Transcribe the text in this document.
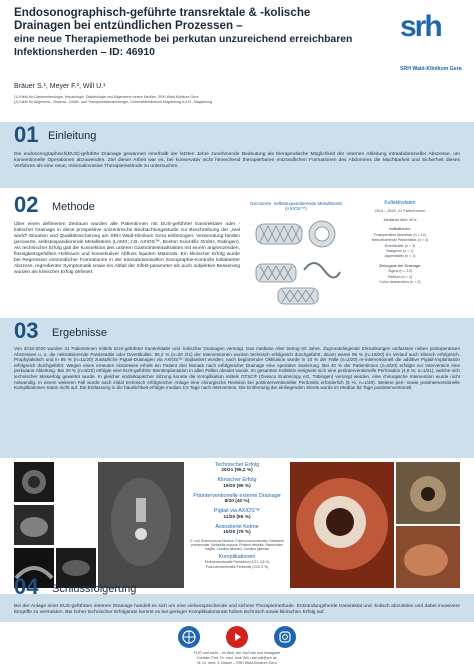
Endosonographisch-geführte transrektale & -kolische
Drainagen bei entzündlichen Prozessen –
eine neue Therapiemethode bei perkutan unzureichend erreichbaren
Infektionsherden – ID: 46910
Bräuer S.¹, Meyer F.², Will U.¹
(1) Klinik für Gastroenterologie, Hepatologie, Diabetologie und Allgemeine Innere Medizin, SRH Wald-Klinikum Gera
(2) Klinik für Allgemein-, Viszeral-, Gefäß- und Transplantationschirurgie, Universitätsklinikum Magdeburg A.ö.R., Magdeburg
srh
SRH Wald-Klinikum Gera
01 Einleitung
Die endosonographisch(EUS)-geführte Drainage gewannen innerhalb der letzten Jahre zunehmende Bedeutung als therapeutische Möglichkeit der internen Ableitung intraabdomineller Abszesse, um konventionelle Operationen abzuwenden. Ziel dieser Arbeit war es, bei konservativ nicht hinreichend therapierbaren entzündlichen Formationen des Abdomens die Machbarkeit und Sicherheit dieses Verfahren als eine neue, minimalinvasive Therapiemethode zu untersuchen.
02 Methode
Über einen definierten Zeitraum wurden alle Patientinnen mit EUS-geführter transrektaler oder -kolischer Drainage in diese prospektive unizentrische Beobachtungsstudie zur Beschreibung der „real world“-Situation und Qualitätssicherung am SRH Wald-Klinikum Gera einbezogen. Verwendung fanden gecoverte, selbstexpandierende Metallstents (LAMS; z.B. AXIOS™, Boston Scientific GmbH, Ratingen). Als technischer Erfolg galt die Konnektion des unteren Gastrointestinaltraktes mit einem angrenzenden, flüssigkeitsgefüllten Hohlraum und konsekutiver Abfluss liquiden Materials. Ein klinischer Erfolg wurde bei Regression entzündlicher Formationen in der transabdominellen Sonographie-Kontrolle kollabierter Abszess, regredienter Symptomatik sowie ein Abfall der Infekt-parameter als auch subjektive Besserung wurden als klinischer Erfolg definiert.
Gecoverte, selbstexpandierende Metallstents (AXIOS™)
Kollektivdaten
2014 – 2020: 21 Patient:innen
Medianes Alter: 60 a
Indikationen:
Postoperative Abszesse (n = 12)
Nekrotisierende Pankreatitis (n = 4)
Divertikulitis (n = 3)
Malignom (n = 1)
Appendizitis (n = 1)
Zielorgane der Drainage:
Sigma (n = 13)
Rektum (n = 3)
Colon descendens (n = 3)
03 Ergebnisse
Von 2016-2020 wurden 21 Patientinnen mittels EUS-geführter transrektaler und -kolischer Drainagen versorgt. Das mediane Alter betrug 60 Jahre. Zugrundeliegende Erkrankungen umfassten neben postoperativen Abszessen u. a. die nekrotisierende Pankreatitis oder Divertikulitis. 95,2 % (n=20 /21) der Interventionen wurden technisch erfolgreich durchgeführt, davon waren 95 % (n=19/20) im Verlauf auch klinisch erfolgreich. Prophylaktisch und in 55 % (n=11/20) zusätzliche Pigtail-Drainagen via AXIOS™ implantiert worden; nach beginnender Okklusion wurde in 10 % der Fälle (n=2/20) re-interventionell die additive Pigtail-Implantation erfolgreich durchgeführt. Wegen eines erneuten Abszesses erhielt ein Patient drei Monate nach erfolgreicher Drainage eine operative Sanierung. Bei 40 % der Patientinnen (n=8/20) erfolgte vor Intervention eine perkutane Ableitung. Bei 30 % (n=6/20) erfolgte eine EUS-geführte Stentimplantation in allen Fällen obsolet wurde. Im gesamten Kollektiv ereignete sich eine periinterventionelle Perforation (4,8 %; n=1/21), welche sich technischer Misserfolg gewertet wurde. In gleicher endoskopischer Sitzung konnte die Komplikation mittels OTSC® (Ovesco Endoscopy AG, Tübingen) versorgt werden, eine chirurgische Intervention wurde nicht notwendig. In einem weiteren Fall wurde nach initial technisch erfolgreicher Anlage eine chirurgische Revision bei postinterventioneller Peritonitis erforderlich (5 %; n=1/20). Weitere peri- sowie postinterventionelle Komplikationen traten nicht auf. Die Entlassung in die häuslichkeit erfolgte median 4,5 Tage nach Intervention. Die Entfernung der einliegenden Stents wurde im Median 82 Tage postinterventionell.
Technischer Erfolg
20/21 (95,2 %)
Klinischer Erfolg
19/20 (95 %)
Präinterventionelle externe Drainage
8/20 (40 %)
Pigtail via AXIOS™
11/20 (55 %)
Assoziierte Keime
15/20 (75 %)
E. coli, Enterococcus faecium, Enterococcus faecalis, Klebsiella pneumoniae, Klebsiella oxytoca, Proteus mirabilis, Bacteroides fragilis, Candida albicans, Candida glabrata
Komplikationen
Periinterventionelle Perforation (1/21; 4,8 %)
Post-interventionelle Peritonitis (1/20; 5 %)
04 Schlussfolgerung
Bei der Anlage einer EUS-geführten internen Drainage handelt es sich um eine vielversprechende und sichere Therapiemethode. Entzündungsherde transrektal und -kolisch abzuleiten und dabei invasivere Eingriffe zu vermeiden. Bei hoher technischer Erfolgsrate kommt es bei geringer Komplikationsrate hohen technisch sowie klinischen Erfolg auf.
FLIR und mehr – im Web, bei YouTube und Instagram
Kontakt: Prof. Dr. med. Uwe Will, uwe.will@srh.de
M. Dr. med. S. Bräuer – SRH Wald-Klinikum Gera
